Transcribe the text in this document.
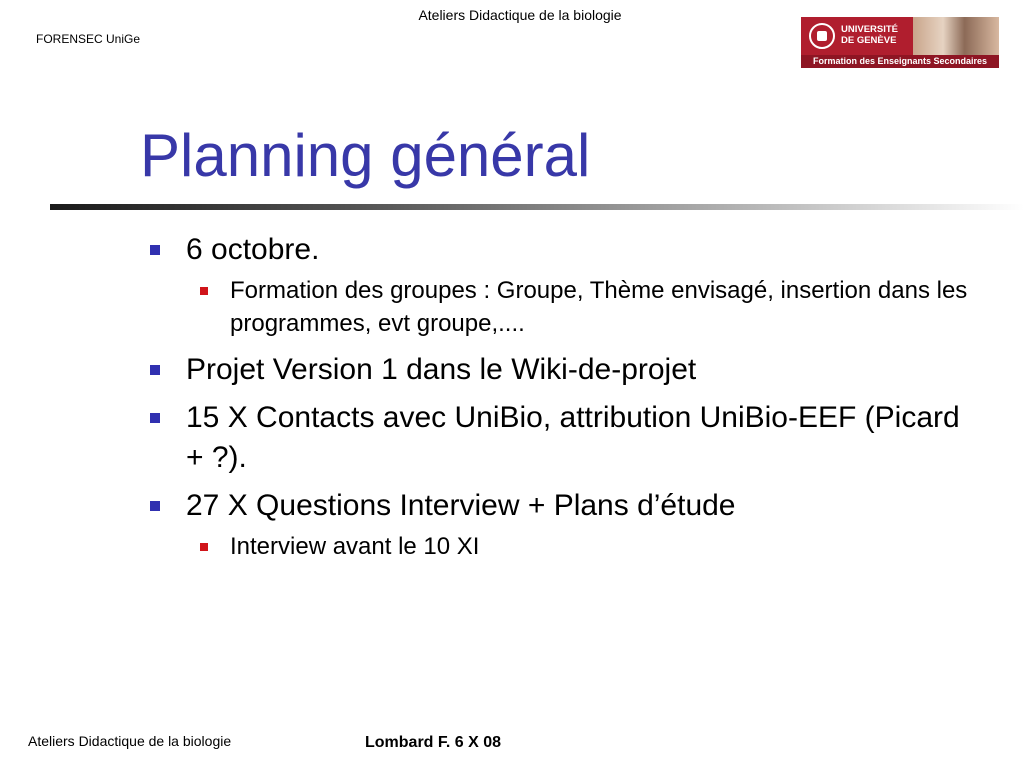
Ateliers Didactique de la biologie
FORENSEC UniGe
UNIVERSITÉ
DE GENÈVE
Formation des Enseignants Secondaires
Planning général
6 octobre.
Formation des groupes : Groupe, Thème envisagé, insertion dans les programmes, evt groupe,....
Projet Version 1 dans le Wiki-de-projet
15 X Contacts avec UniBio, attribution UniBio-EEF (Picard + ?).
27 X Questions Interview + Plans d’étude
Interview avant le 10 XI
Ateliers Didactique de la biologie	Lombard F. 6 X 08
